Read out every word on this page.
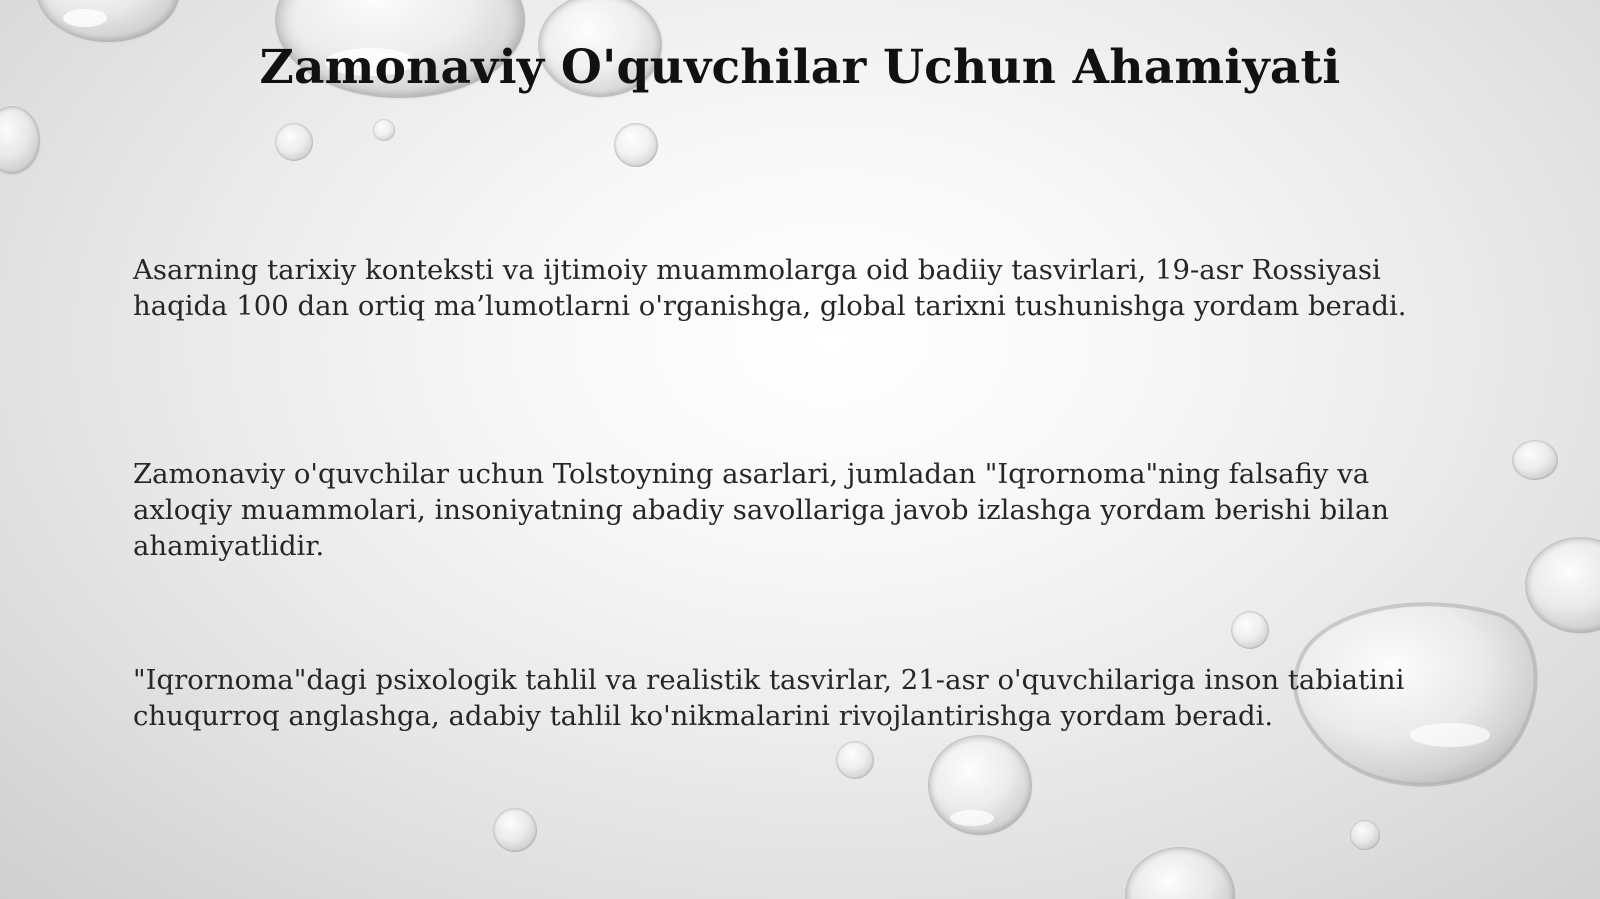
Zamonaviy O'quvchilar Uchun Ahamiyati

Asarning tarixiy konteksti va ijtimoiy muammolarga oid badiiy tasvirlari, 19-asr Rossiyasi
haqida 100 dan ortiq ma’lumotlarni o'rganishga, global tarixni tushunishga yordam beradi.

Zamonaviy o'quvchilar uchun Tolstoyning asarlari, jumladan "Iqrornoma"ning falsafiy va
axloqiy muammolari, insoniyatning abadiy savollariga javob izlashga yordam berishi bilan
ahamiyatlidir.

"Iqrornoma"dagi psixologik tahlil va realistik tasvirlar, 21-asr o'quvchilariga inson tabiatini
chuqurroq anglashga, adabiy tahlil ko'nikmalarini rivojlantirishga yordam beradi.
